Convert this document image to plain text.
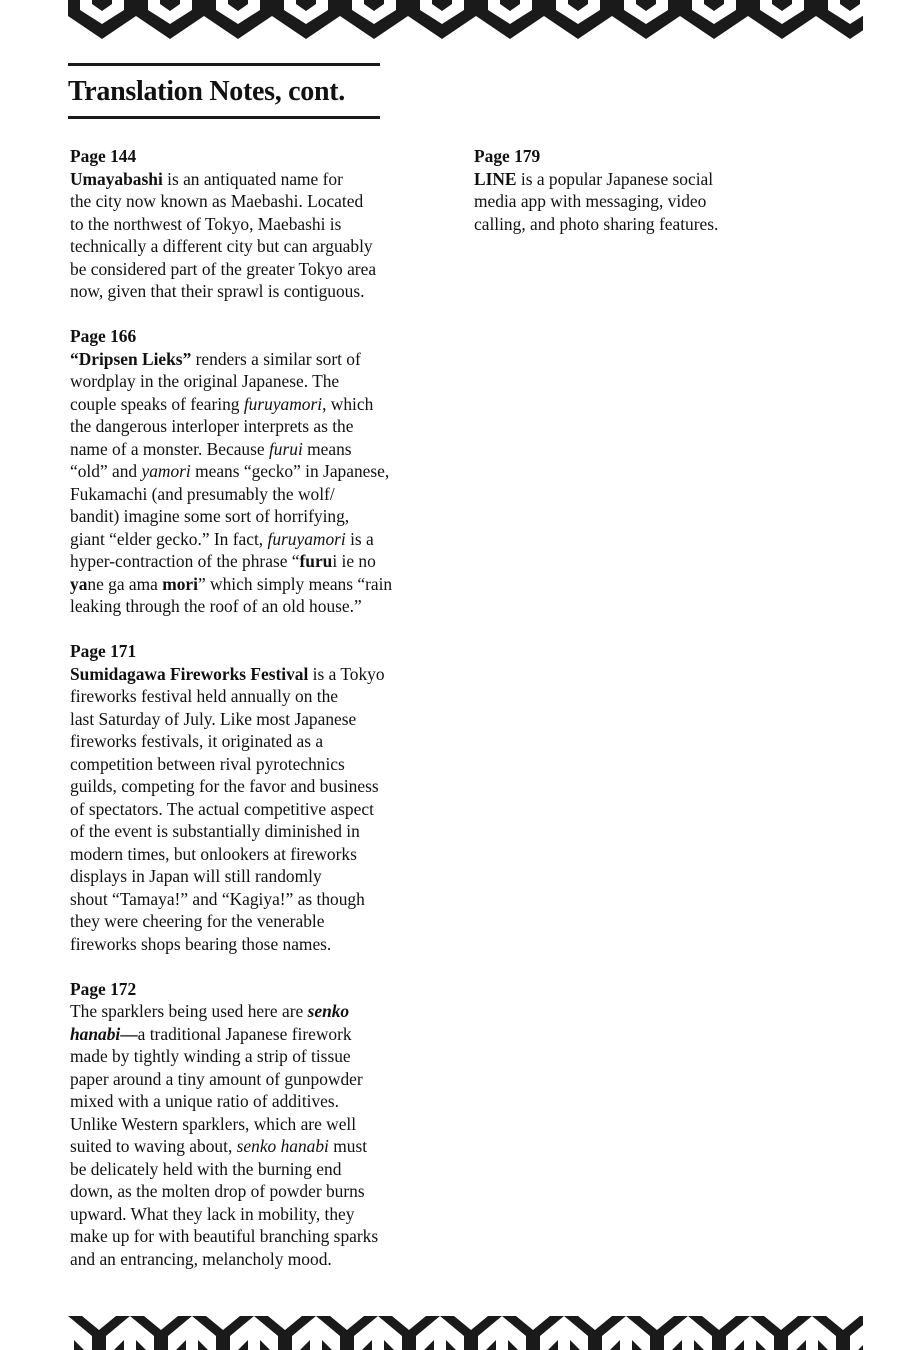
Translation Notes, cont.
Page 144
Umayabashi is an antiquated name for
the city now known as Maebashi. Located
to the northwest of Tokyo, Maebashi is
technically a different city but can arguably
be considered part of the greater Tokyo area
now, given that their sprawl is contiguous.
Page 166
“Dripsen Lieks” renders a similar sort of
wordplay in the original Japanese. The
couple speaks of fearing furuyamori, which
the dangerous interloper interprets as the
name of a monster. Because furui means
“old” and yamori means “gecko” in Japanese,
Fukamachi (and presumably the wolf/
bandit) imagine some sort of horrifying,
giant “elder gecko.” In fact, furuyamori is a
hyper-contraction of the phrase “furui ie no
yane ga ama mori” which simply means “rain
leaking through the roof of an old house.”
Page 171
Sumidagawa Fireworks Festival is a Tokyo
fireworks festival held annually on the
last Saturday of July. Like most Japanese
fireworks festivals, it originated as a
competition between rival pyrotechnics
guilds, competing for the favor and business
of spectators. The actual competitive aspect
of the event is substantially diminished in
modern times, but onlookers at fireworks
displays in Japan will still randomly
shout “Tamaya!” and “Kagiya!” as though
they were cheering for the venerable
fireworks shops bearing those names.
Page 172
The sparklers being used here are senko
hanabi—a traditional Japanese firework
made by tightly winding a strip of tissue
paper around a tiny amount of gunpowder
mixed with a unique ratio of additives.
Unlike Western sparklers, which are well
suited to waving about, senko hanabi must
be delicately held with the burning end
down, as the molten drop of powder burns
upward. What they lack in mobility, they
make up for with beautiful branching sparks
and an entrancing, melancholy mood.
Page 179
LINE is a popular Japanese social
media app with messaging, video
calling, and photo sharing features.
